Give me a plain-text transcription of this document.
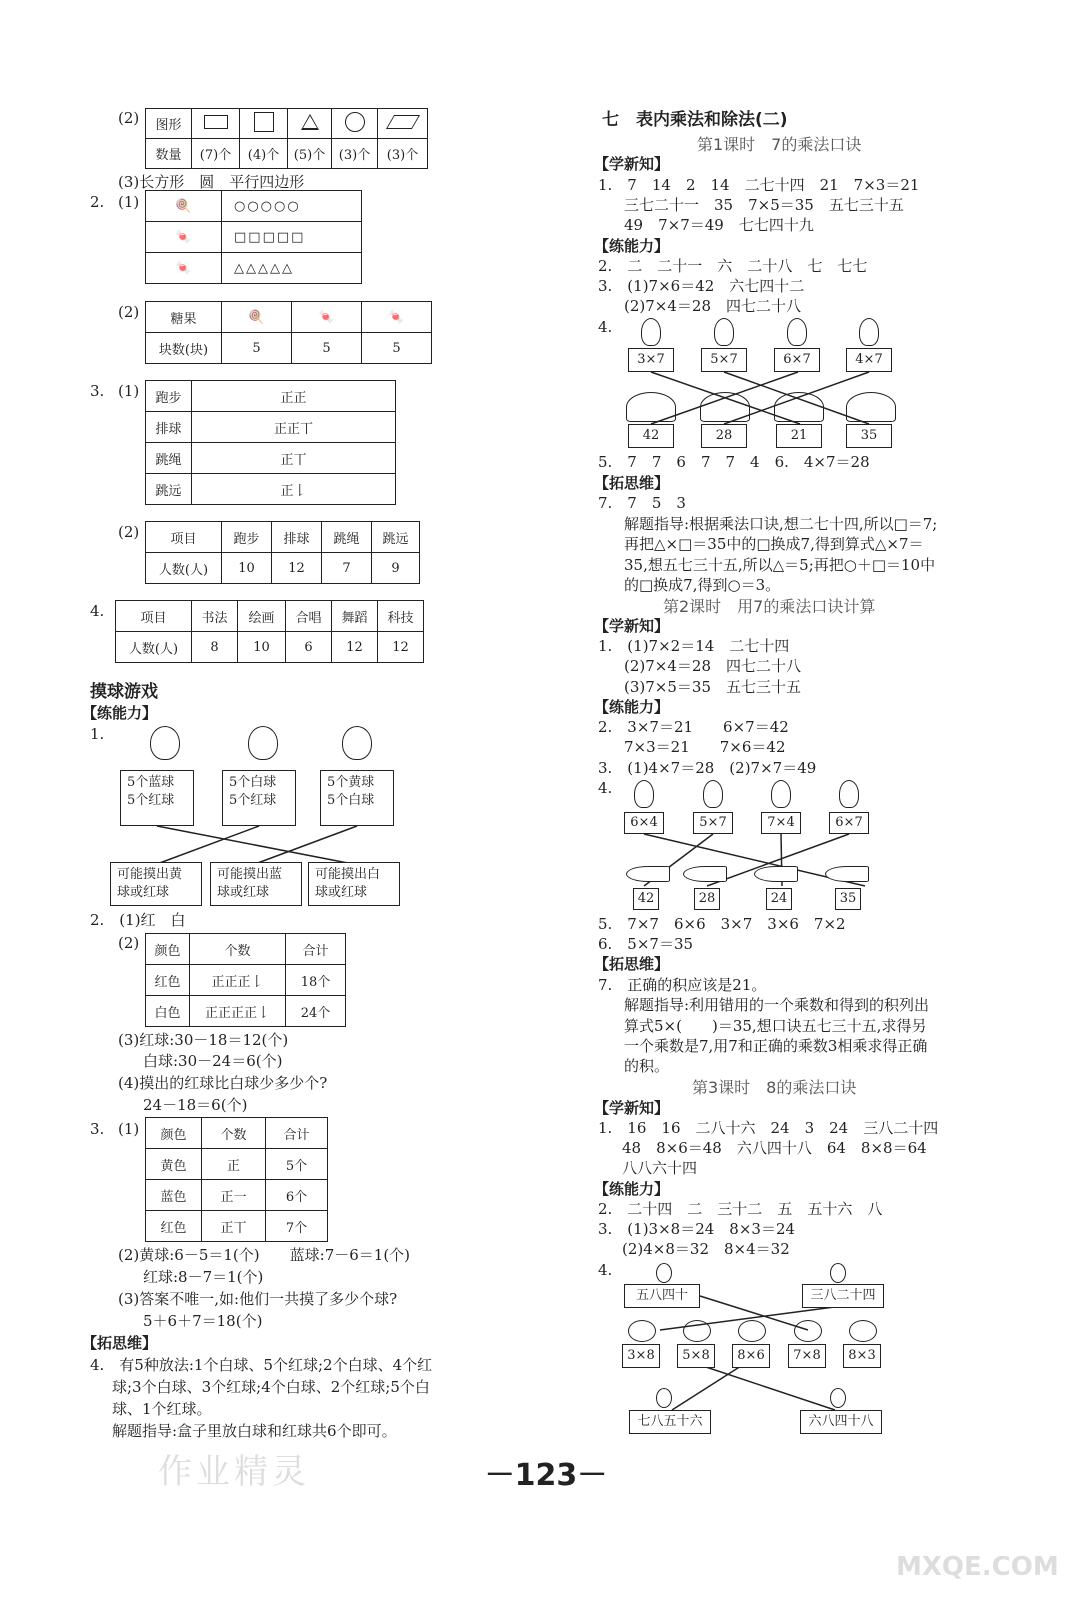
(2) 图形			

数量	(7)个	(4)个	(5)个	(3)个	(3)个
(3)长方形　圆　平行四边形
2. (1)	🍭	○○○○○
🍬	□□□□□
🍬	△△△△△
(2) 糖果	🍭	🍬	🍬
块数(块)	5	5	5
3. (1) 跑步	正正
排球	正正丅
跳绳	正丅
跳远	正𠄌
(2) 项目	跑步	排球	跳绳	跳远
人数(人)	10	12	7	9
4.	项目	书法	绘画	合唱	舞蹈	科技
人数(人)	8	10	6	12	12
摸球游戏
【练能力】
1.
5个蓝球
5个红球
5个白球
5个红球
5个黄球
5个白球
可能摸出黄
球或红球
可能摸出蓝
球或红球
可能摸出白
球或红球
2.　(1)红　白
(2) 颜色	个数	合计
红色	正正正𠄌	18个
白色	正正正正𠄌	24个
(3)红球:30－18＝12(个)
白球:30－24＝6(个)
(4)摸出的红球比白球少多少个?
24－18＝6(个)
3. (1) 颜色	个数	合计
黄色	正	5个
蓝色	正一	6个
红色	正丅	7个
(2)黄球:6－5＝1(个)　　蓝球:7－6＝1(个)
红球:8－7＝1(个)
(3)答案不唯一,如:他们一共摸了多少个球?
5＋6＋7＝18(个)
【拓思维】
4.　有5种放法:1个白球、5个红球;2个白球、4个红
球;3个白球、3个红球;4个白球、2个红球;5个白
球、1个红球。
解题指导:盒子里放白球和红球共6个即可。
作业精灵
七　表内乘法和除法(二)
第1课时　7的乘法口诀
【学新知】
1.　7　14　2　14　二七十四　21　7×3＝21
三七二十一　35　7×5＝35　五七三十五
49　7×7＝49　七七四十九
【练能力】
2.　二　二十一　六　二十八　七　七七
3.　(1)7×6＝42　六七四十二
(2)7×4＝28　四七二十八
4.
3×7	5×7	6×7	4×7
42	28	21	35
5.　7　7　6　7　7　4　6.　4×7＝28
【拓思维】
7.　7　5　3
解题指导:根据乘法口诀,想二七十四,所以□＝7;
再把△×□＝35中的□换成7,得到算式△×7＝
35,想五七三十五,所以△＝5;再把○＋□＝10中
的□换成7,得到○＝3。
第2课时　用7的乘法口诀计算
【学新知】
1.　(1)7×2＝14　二七十四
(2)7×4＝28　四七二十八
(3)7×5＝35　五七三十五
【练能力】
2.　3×7＝21　　6×7＝42
7×3＝21　　7×6＝42
3.　(1)4×7＝28　(2)7×7＝49
4.
6×4	5×7	7×4	6×7
42	28	24	35
5.　7×7　6×6　3×7　3×6　7×2
6.　5×7＝35
【拓思维】
7.　正确的积应该是21。
解题指导:利用错用的一个乘数和得到的积列出
算式5×(　　)＝35,想口诀五七三十五,求得另
一个乘数是7,用7和正确的乘数3相乘求得正确
的积。
第3课时　8的乘法口诀
【学新知】
1.　16　16　二八十六　24　3　24　三八二十四
48　8×6＝48　六八四十八　64　8×8＝64
八八六十四
【练能力】
2.　二十四　二　三十二　五　五十六　八
3.　(1)3×8＝24　8×3＝24
(2)4×8＝32　8×4＝32
4.
五八四十	三八二十四
3×8	5×8	8×6	7×8	8×3
七八五十六	六八四十八
－123－
MXQE.COM
